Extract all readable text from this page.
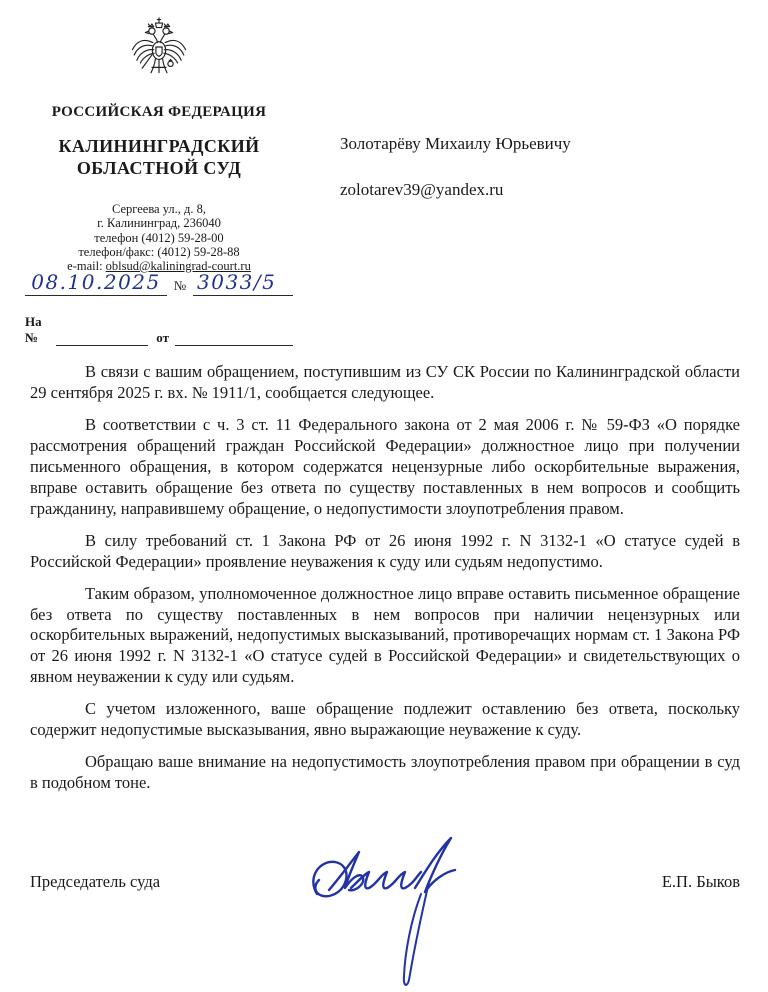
РОССИЙСКАЯ ФЕДЕРАЦИЯ
КАЛИНИНГРАДСКИЙ
ОБЛАСТНОЙ СУД
Сергеева ул., д. 8,
г. Калининград, 236040
телефон (4012) 59-28-00
телефон/факс: (4012) 59-28-88
e-mail: oblsud@kaliningrad-court.ru
08.10.2025	№ 3033/5
На №	от
Золотарёву Михаилу Юрьевичу
zolotarev39@yandex.ru

В связи с вашим обращением, поступившим из СУ СК России по Калининградской области 29 сентября 2025 г. вх. № 1911/1, сообщается следующее.

В соответствии с ч. 3 ст. 11 Федерального закона от 2 мая 2006 г. № 59-ФЗ «О порядке рассмотрения обращений граждан Российской Федерации» должностное лицо при получении письменного обращения, в котором содержатся нецензурные либо оскорбительные выражения, вправе оставить обращение без ответа по существу поставленных в нем вопросов и сообщить гражданину, направившему обращение, о недопустимости злоупотребления правом.

В силу требований ст. 1 Закона РФ от 26 июня 1992 г. N 3132-1 «О статусе судей в Российской Федерации» проявление неуважения к суду или судьям недопустимо.

Таким образом, уполномоченное должностное лицо вправе оставить письменное обращение без ответа по существу поставленных в нем вопросов при наличии нецензурных или оскорбительных выражений, недопустимых высказываний, противоречащих нормам ст. 1 Закона РФ от 26 июня 1992 г. N 3132-1 «О статусе судей в Российской Федерации» и свидетельствующих о явном неуважении к суду или судьям.

С учетом изложенного, ваше обращение подлежит оставлению без ответа, поскольку содержит недопустимые высказывания, явно выражающие неуважение к суду.

Обращаю ваше внимание на недопустимость злоупотребления правом при обращении в суд в подобном тоне.

Председатель суда	Е.П. Быков
